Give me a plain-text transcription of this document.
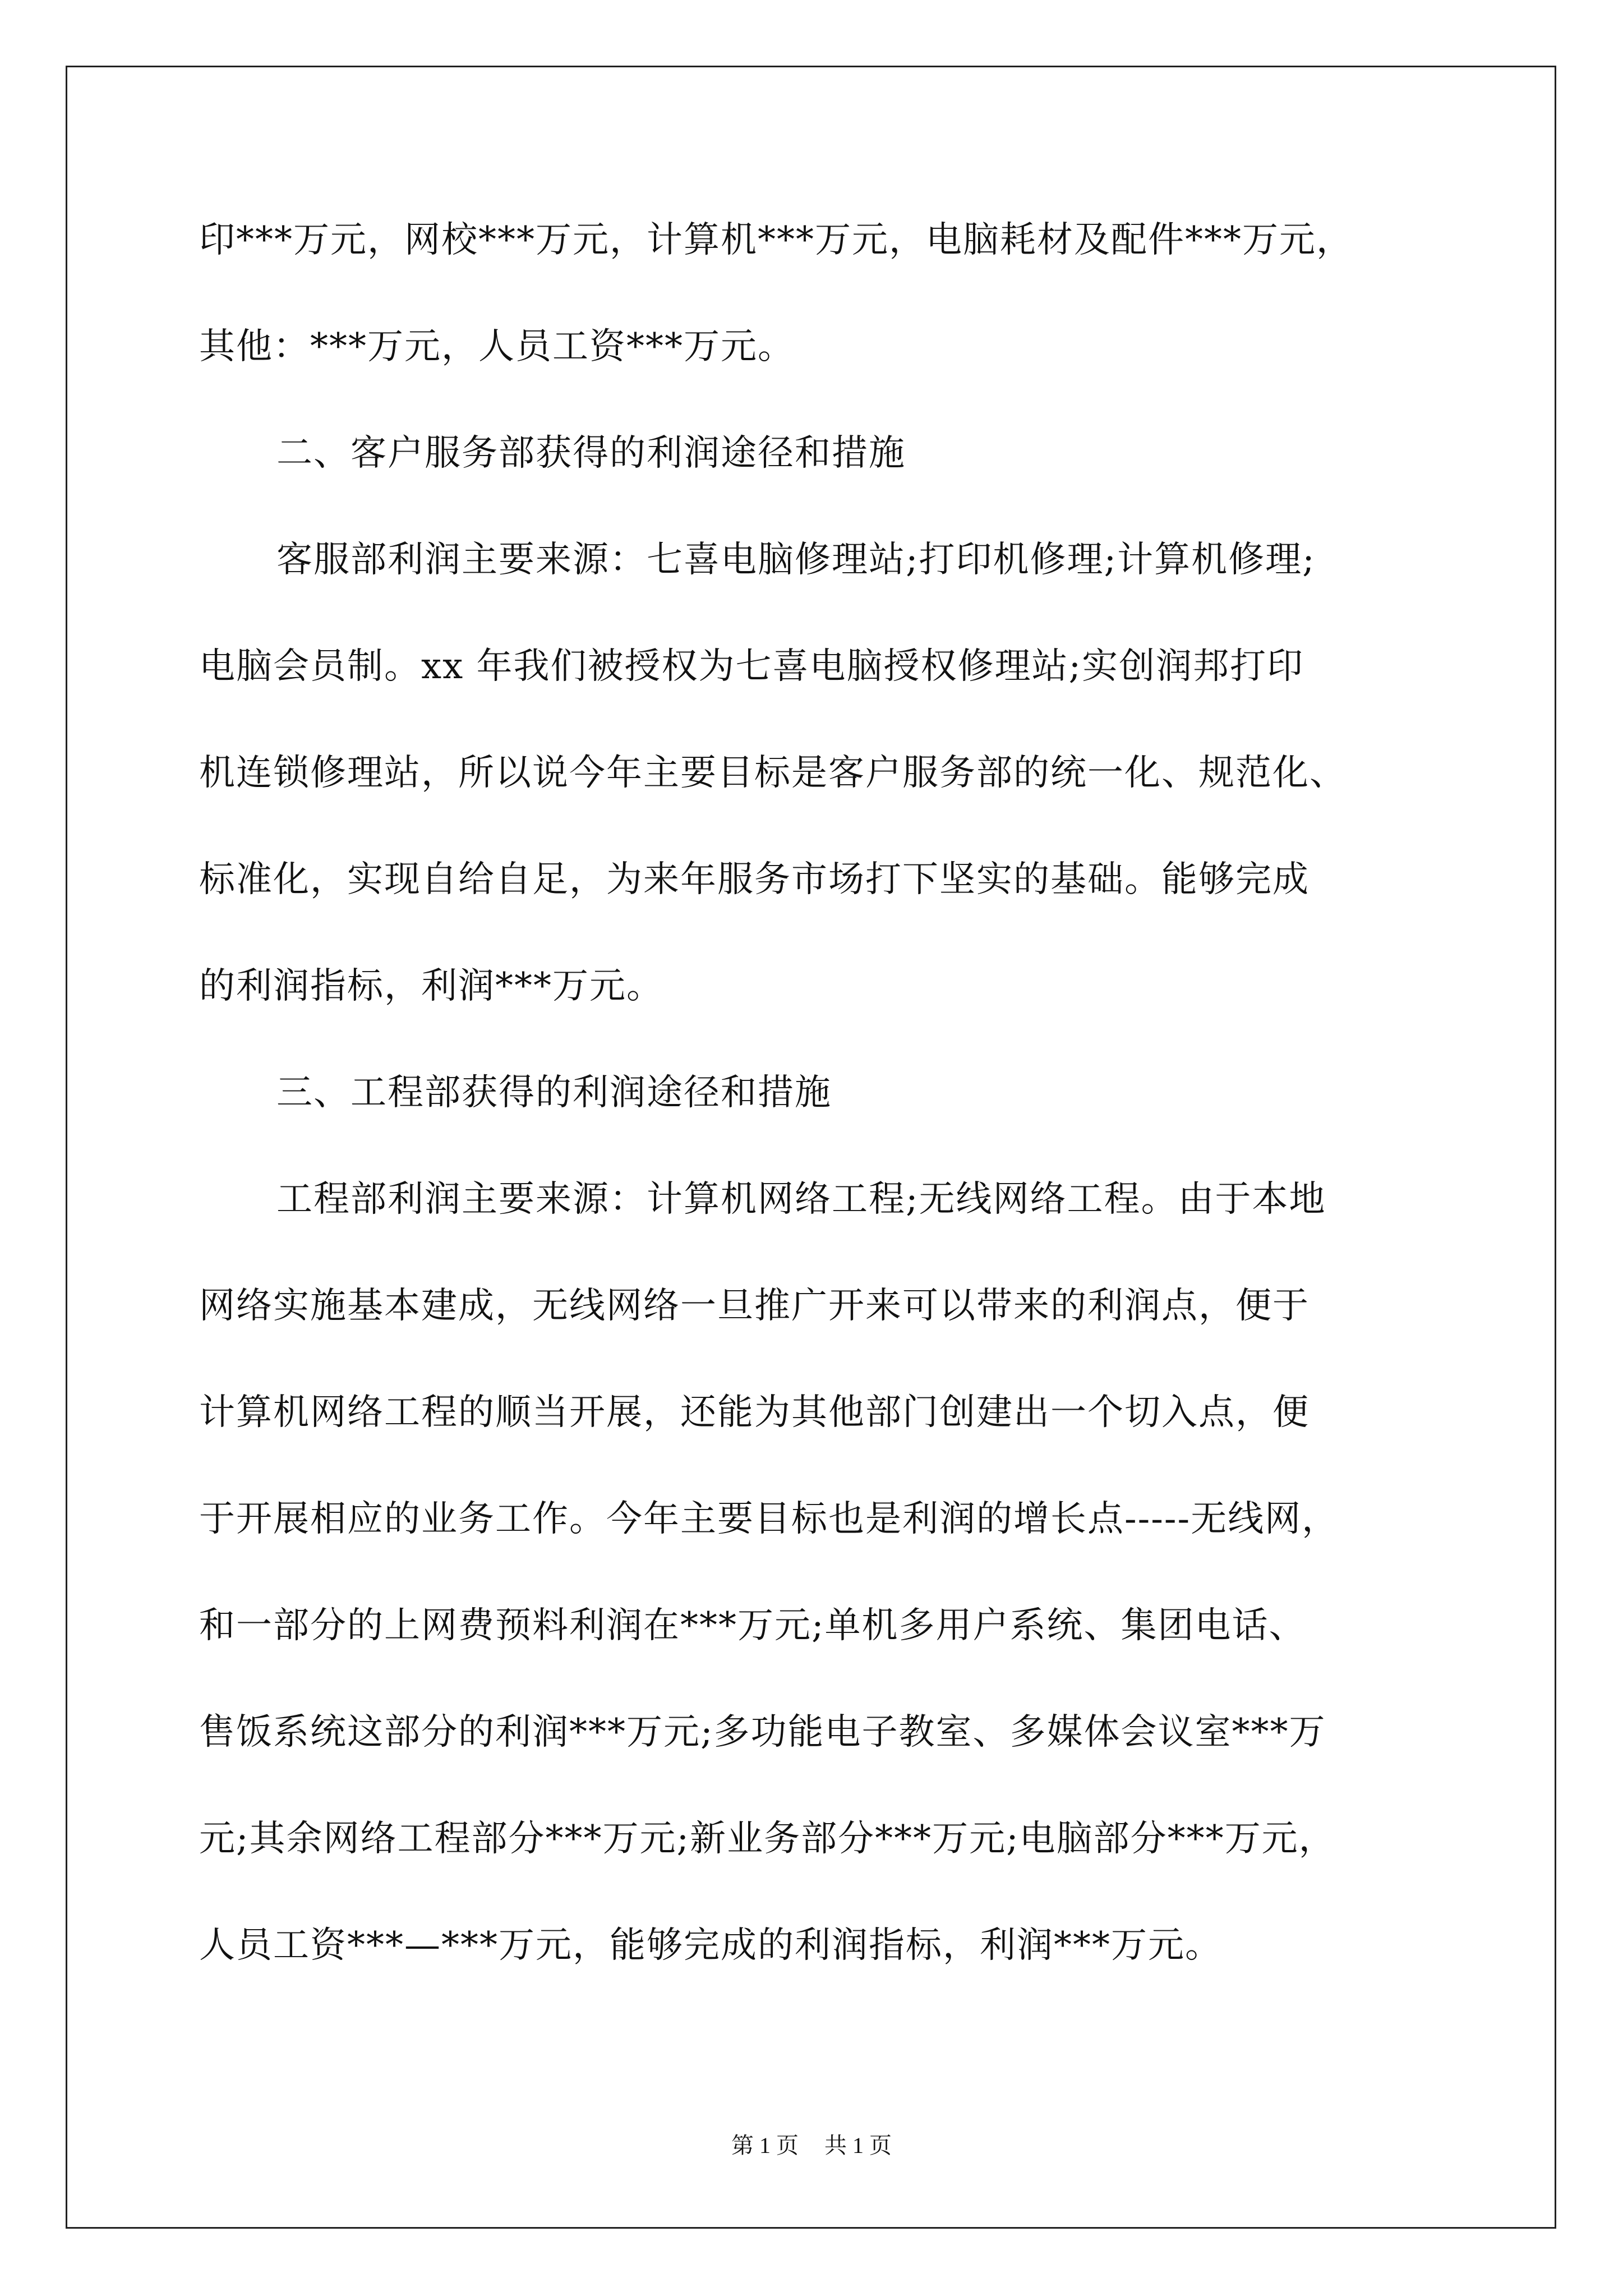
印***万元，网校***万元，计算机***万元，电脑耗材及配件***万元，
其他：***万元，人员工资***万元。
二、客户服务部获得的利润途径和措施
客服部利润主要来源：七喜电脑修理站;打印机修理;计算机修理;
电脑会员制。xx 年我们被授权为七喜电脑授权修理站;实创润邦打印
机连锁修理站，所以说今年主要目标是客户服务部的统一化、规范化、
标准化，实现自给自足，为来年服务市场打下坚实的基础。能够完成
的利润指标，利润***万元。
三、工程部获得的利润途径和措施
工程部利润主要来源：计算机网络工程;无线网络工程。由于本地
网络实施基本建成，无线网络一旦推广开来可以带来的利润点，便于
计算机网络工程的顺当开展，还能为其他部门创建出一个切入点，便
于开展相应的业务工作。今年主要目标也是利润的增长点-----无线网，
和一部分的上网费预料利润在***万元;单机多用户系统、集团电话、
售饭系统这部分的利润***万元;多功能电子教室、多媒体会议室***万
元;其余网络工程部分***万元;新业务部分***万元;电脑部分***万元，
人员工资***—***万元，能够完成的利润指标，利润***万元。
第 1 页 共 1 页
